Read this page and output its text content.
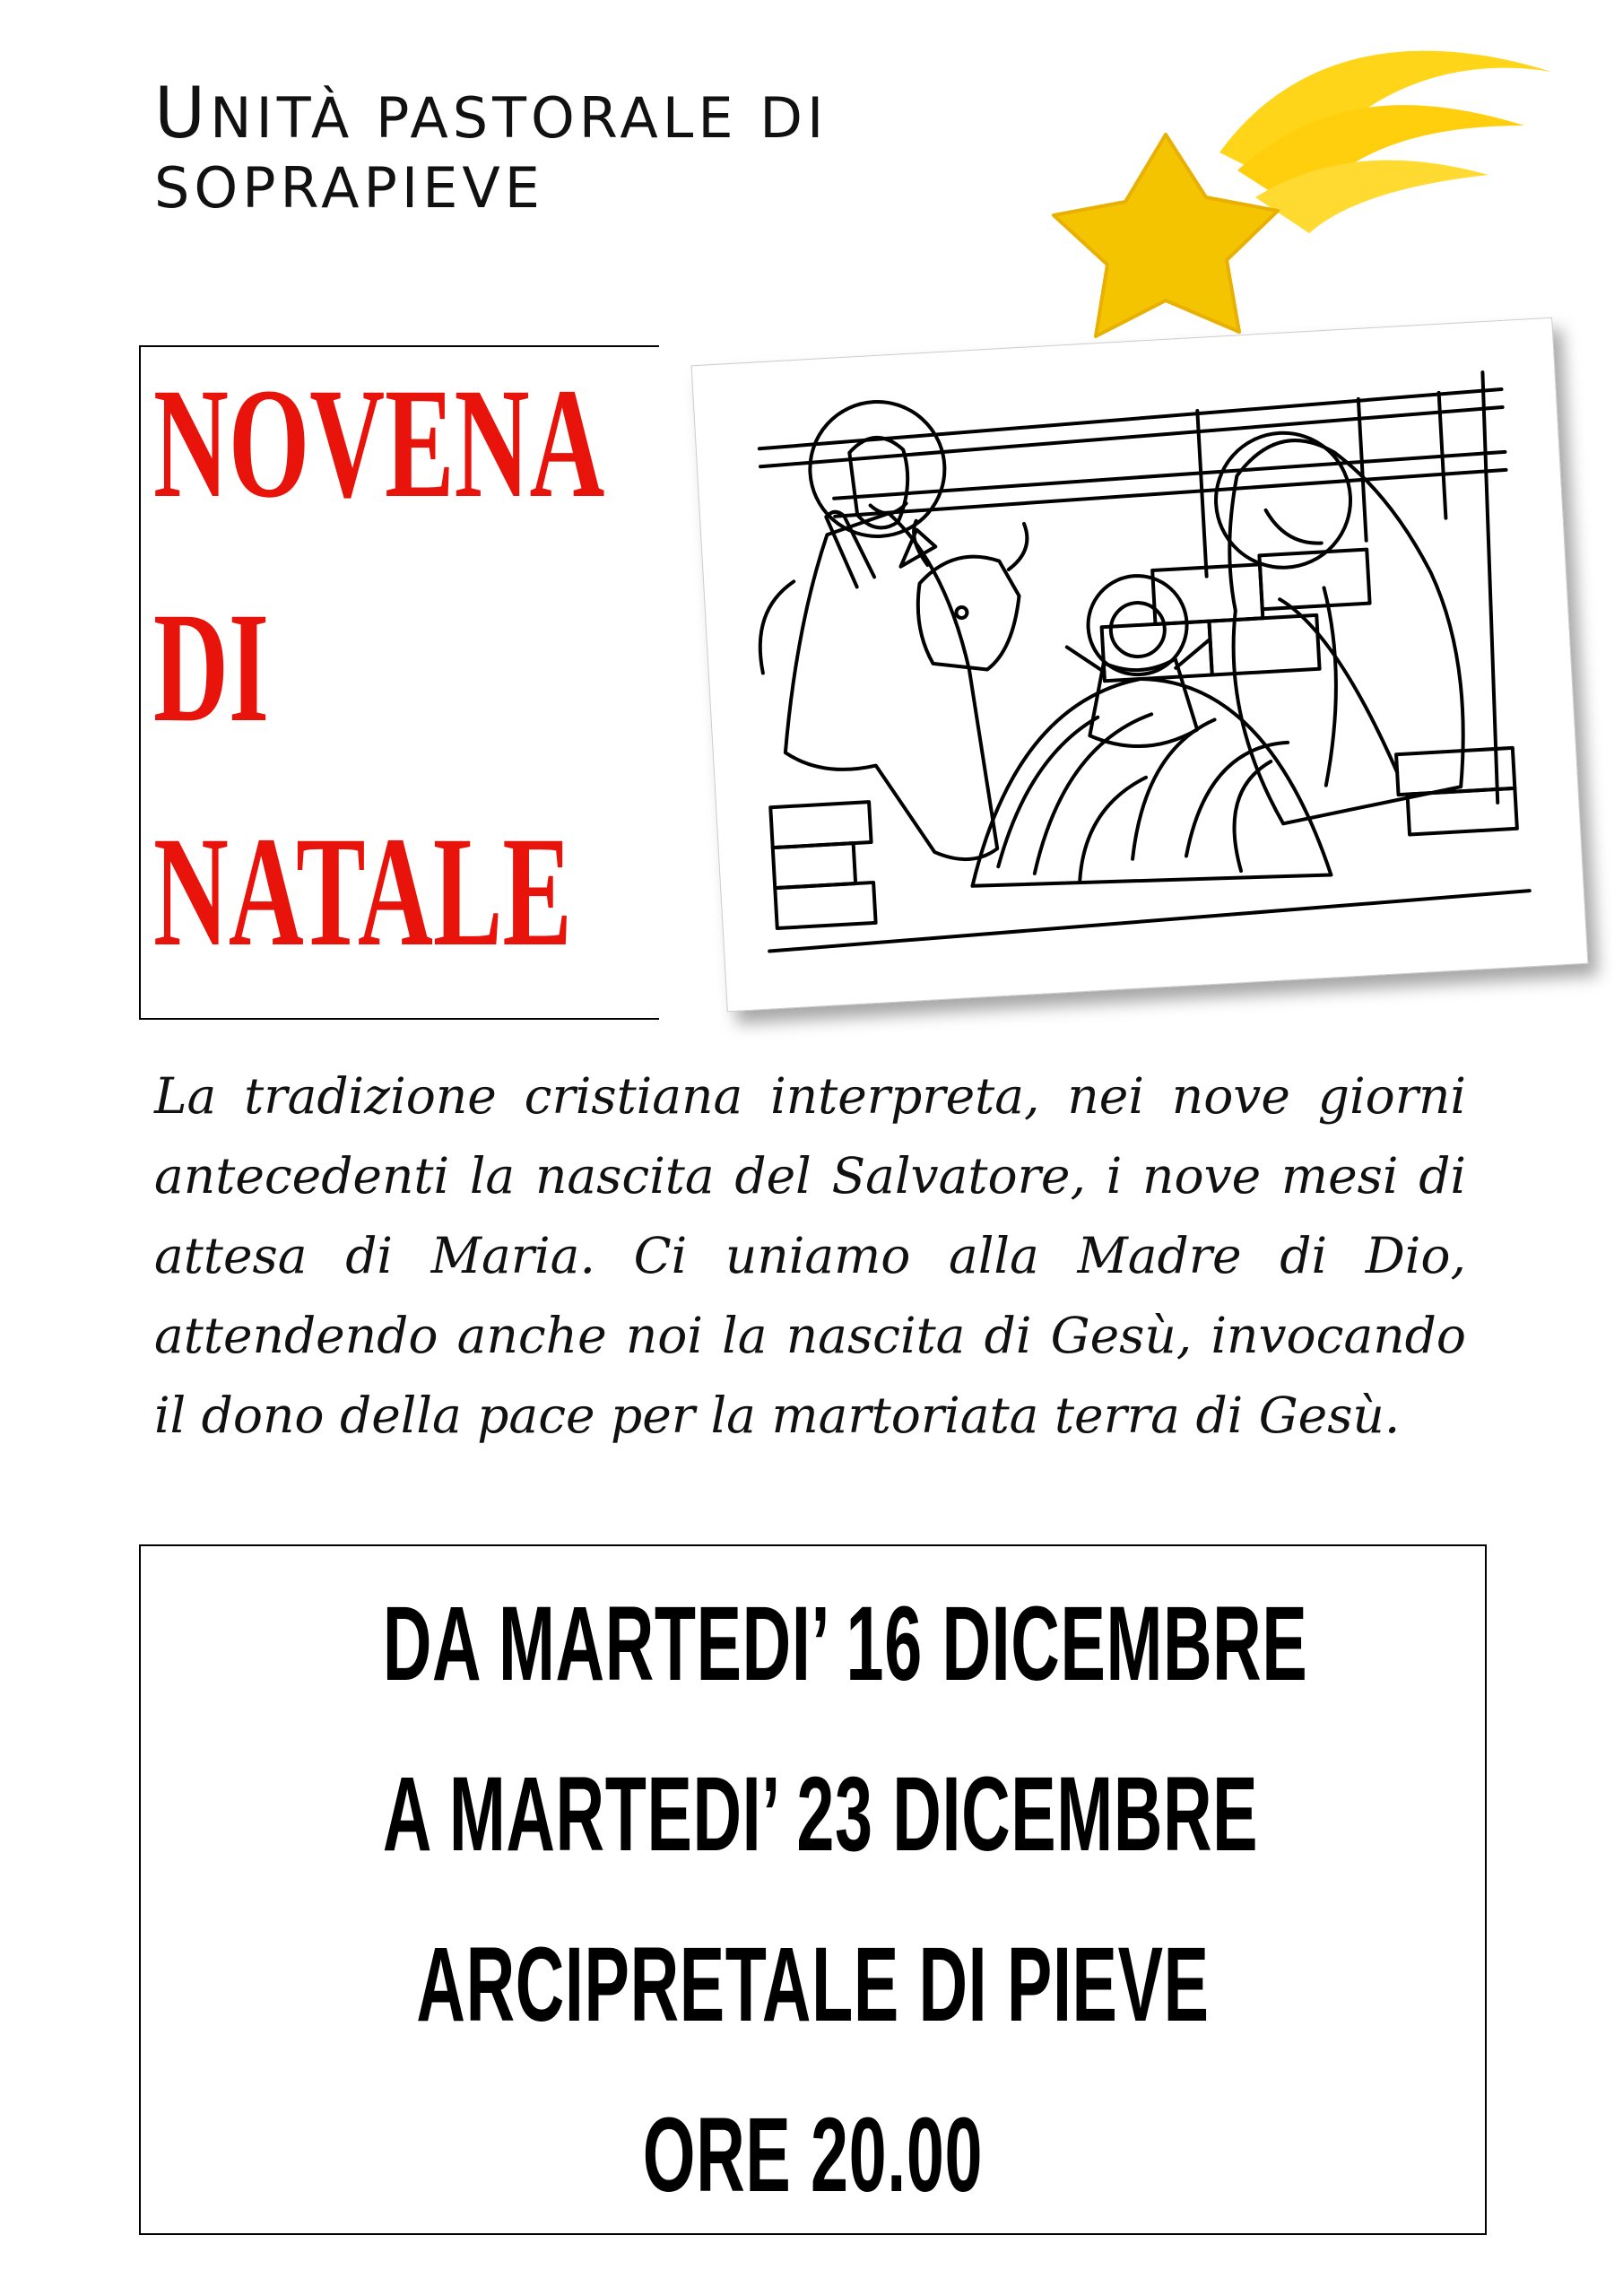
UNITÀ PASTORALE DI
SOPRAPIEVE
NOVENA
DI
NATALE
La tradizione cristiana interpreta, nei nove giorni antecedenti la nascita del Salvatore, i nove mesi di attesa di Maria. Ci uniamo alla Madre di Dio, attendendo anche noi la nascita di Gesù, invocando il dono della pace per la martoriata terra di Gesù.
DA MARTEDI’ 16 DICEMBRE
A MARTEDI’ 23 DICEMBRE
ARCIPRETALE DI PIEVE
ORE 20.00
